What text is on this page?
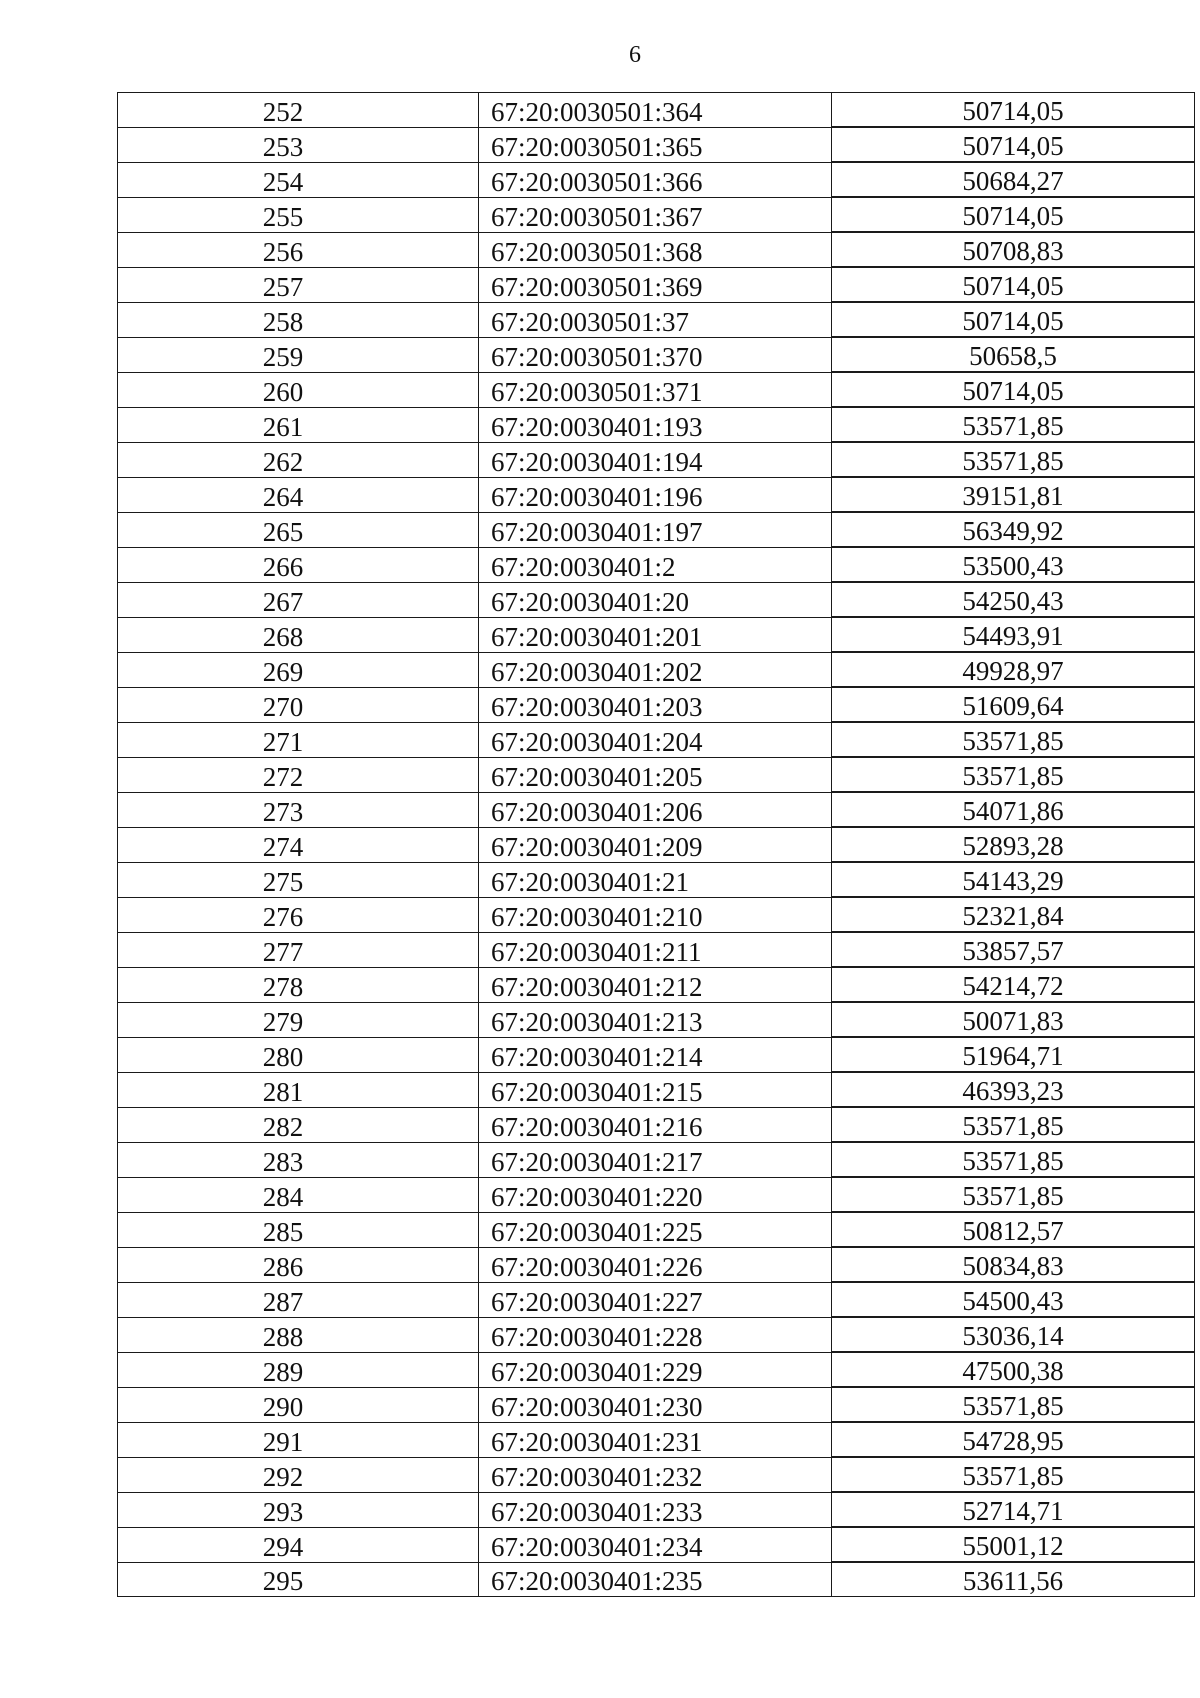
6
252	67:20:0030501:364	50714,05
253	67:20:0030501:365	50714,05
254	67:20:0030501:366	50684,27
255	67:20:0030501:367	50714,05
256	67:20:0030501:368	50708,83
257	67:20:0030501:369	50714,05
258	67:20:0030501:37	50714,05
259	67:20:0030501:370	50658,5
260	67:20:0030501:371	50714,05
261	67:20:0030401:193	53571,85
262	67:20:0030401:194	53571,85
264	67:20:0030401:196	39151,81
265	67:20:0030401:197	56349,92
266	67:20:0030401:2	53500,43
267	67:20:0030401:20	54250,43
268	67:20:0030401:201	54493,91
269	67:20:0030401:202	49928,97
270	67:20:0030401:203	51609,64
271	67:20:0030401:204	53571,85
272	67:20:0030401:205	53571,85
273	67:20:0030401:206	54071,86
274	67:20:0030401:209	52893,28
275	67:20:0030401:21	54143,29
276	67:20:0030401:210	52321,84
277	67:20:0030401:211	53857,57
278	67:20:0030401:212	54214,72
279	67:20:0030401:213	50071,83
280	67:20:0030401:214	51964,71
281	67:20:0030401:215	46393,23
282	67:20:0030401:216	53571,85
283	67:20:0030401:217	53571,85
284	67:20:0030401:220	53571,85
285	67:20:0030401:225	50812,57
286	67:20:0030401:226	50834,83
287	67:20:0030401:227	54500,43
288	67:20:0030401:228	53036,14
289	67:20:0030401:229	47500,38
290	67:20:0030401:230	53571,85
291	67:20:0030401:231	54728,95
292	67:20:0030401:232	53571,85
293	67:20:0030401:233	52714,71
294	67:20:0030401:234	55001,12
295	67:20:0030401:235	53611,56
